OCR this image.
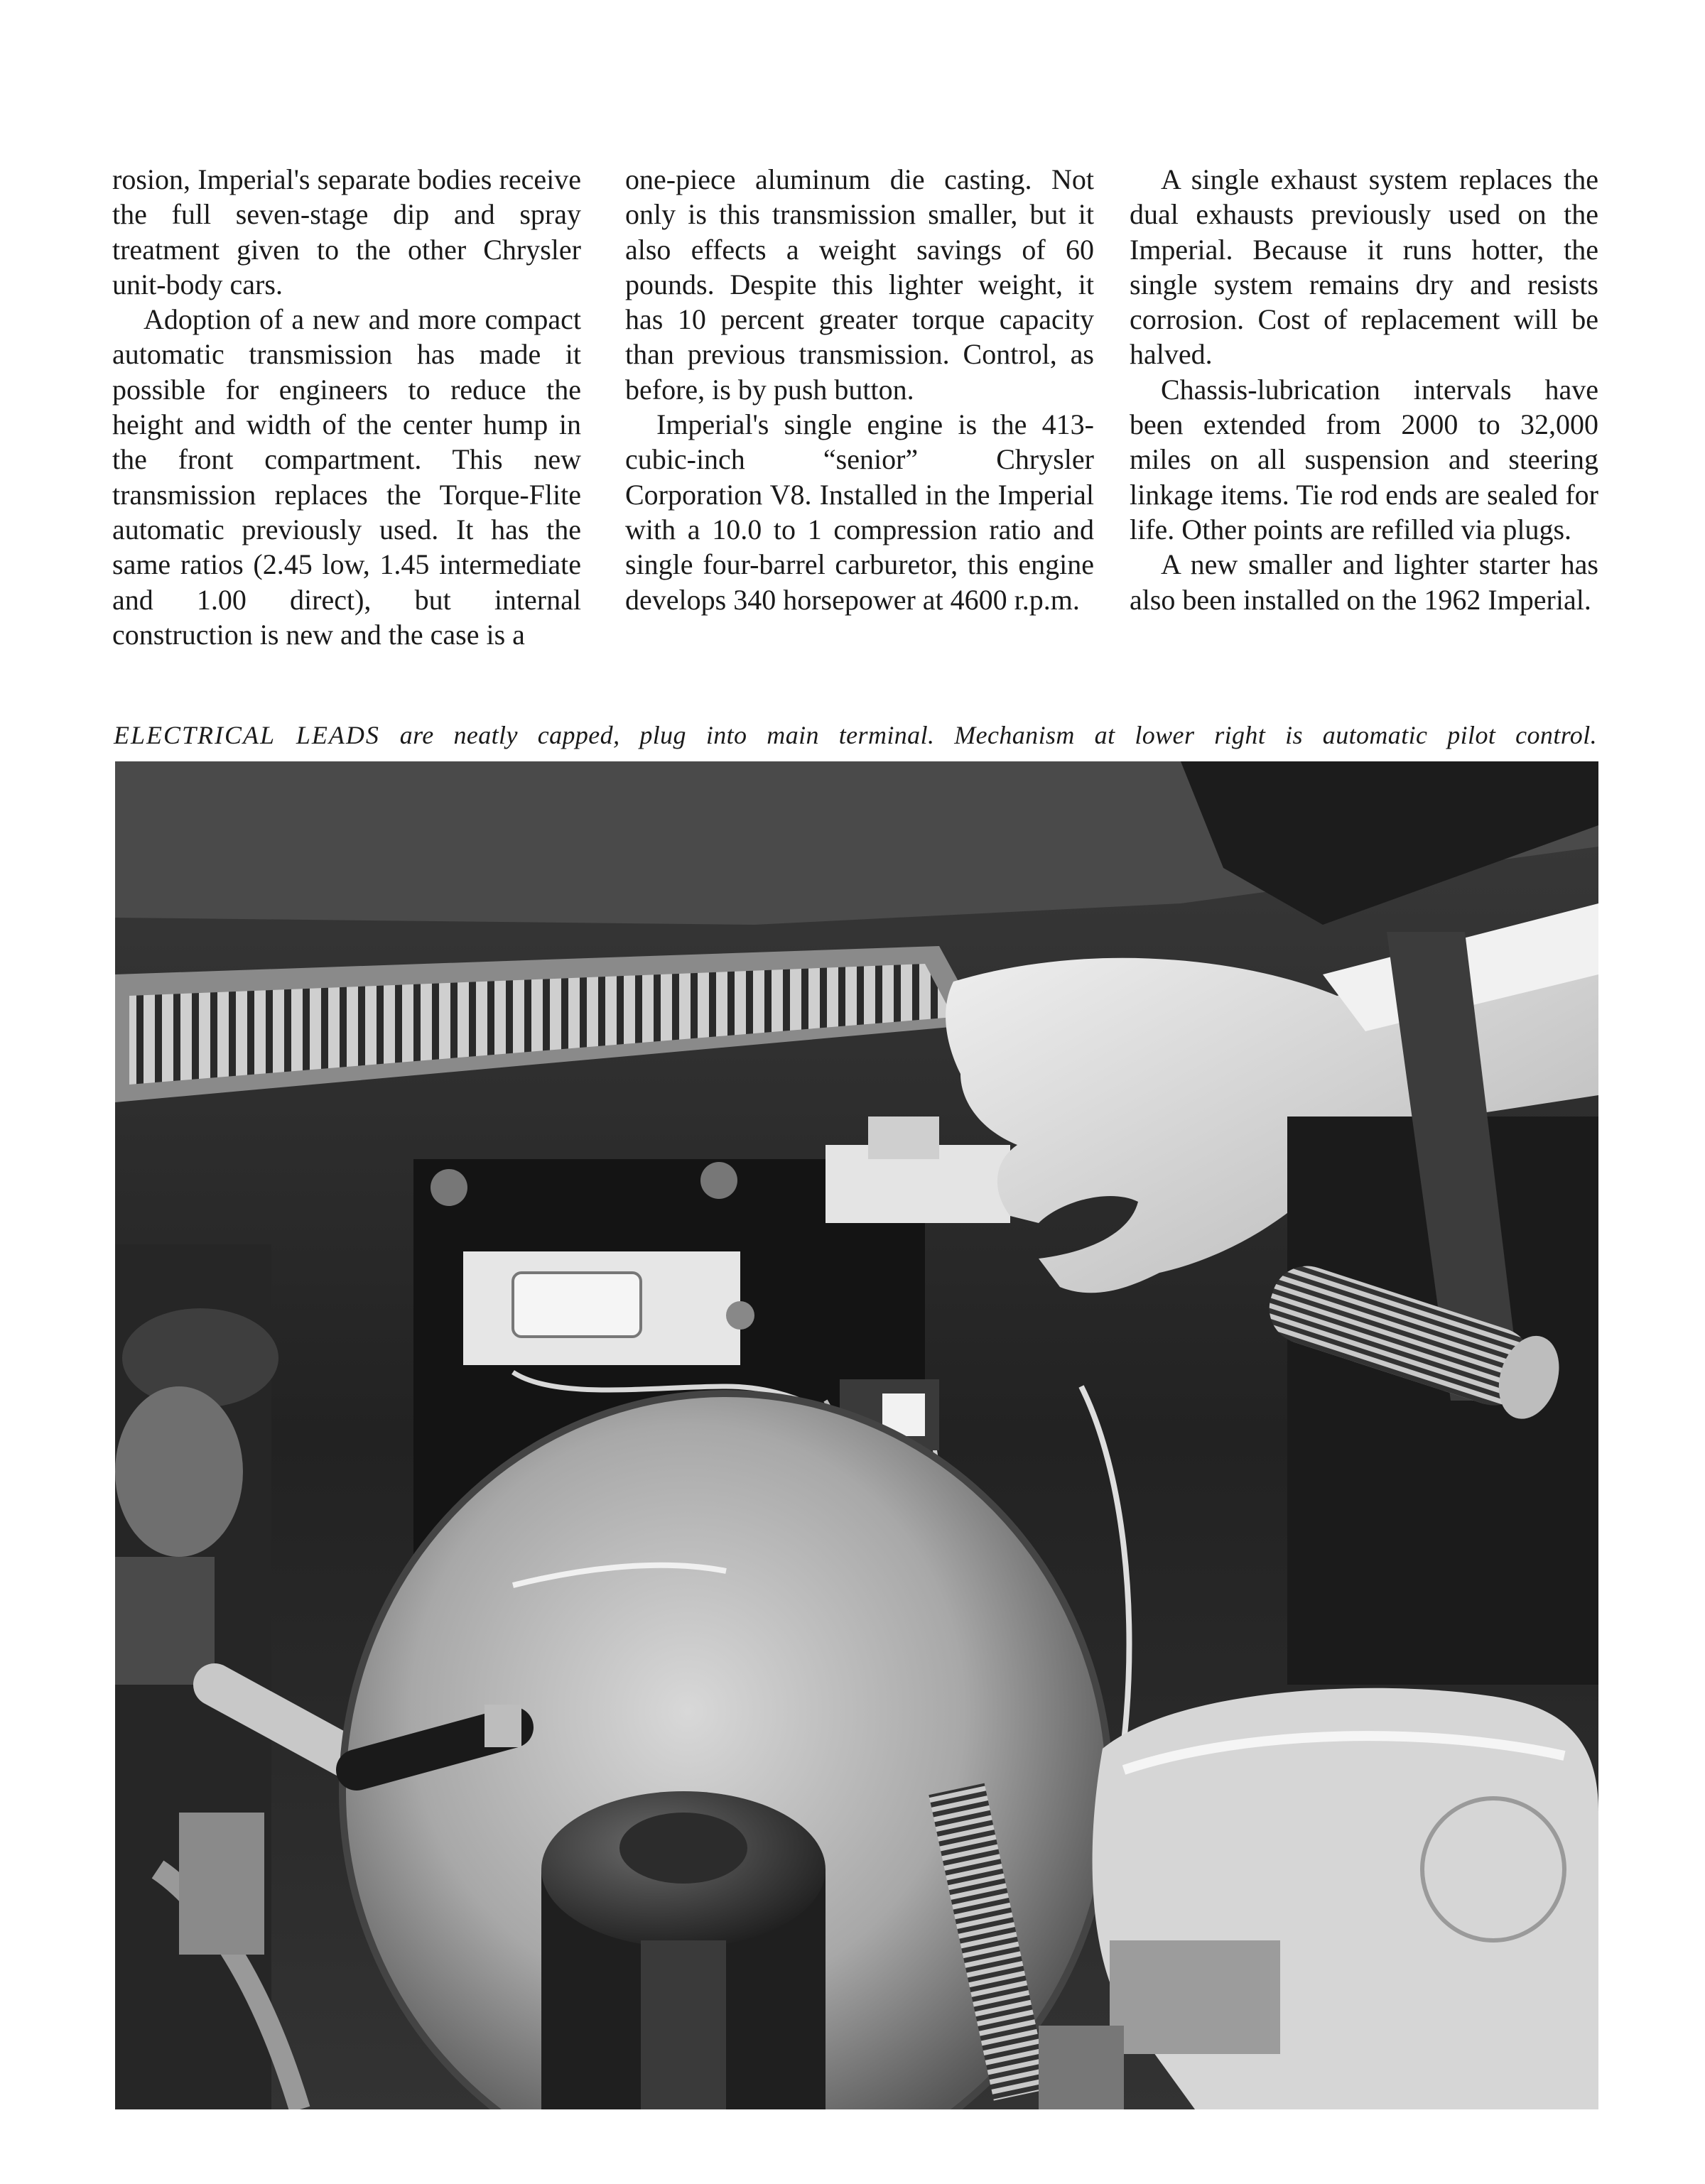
rosion, Imperial's separate bodies receive the full seven-stage dip and spray treatment given to the other Chrysler unit-body cars.

Adoption of a new and more compact automatic transmission has made it possible for engineers to reduce the height and width of the center hump in the front compartment. This new transmission replaces the Torque-Flite automatic previously used. It has the same ratios (2.45 low, 1.45 intermediate and 1.00 direct), but internal construction is new and the case is a

one-piece aluminum die casting. Not only is this transmission smaller, but it also effects a weight savings of 60 pounds. Despite this lighter weight, it has 10 percent greater torque capacity than previous transmission. Control, as before, is by push button.

Imperial's single engine is the 413-cubic-inch “senior” Chrysler Corporation V8. Installed in the Imperial with a 10.0 to 1 compression ratio and single four-barrel carburetor, this engine develops 340 horsepower at 4600 r.p.m.

A single exhaust system replaces the dual exhausts previously used on the Imperial. Because it runs hotter, the single system remains dry and resists corrosion. Cost of replacement will be halved.

Chassis-lubrication intervals have been extended from 2000 to 32,000 miles on all suspension and steering linkage items. Tie rod ends are sealed for life. Other points are refilled via plugs.

A new smaller and lighter starter has also been installed on the 1962 Imperial.

ELECTRICAL LEADS are neatly capped, plug into main terminal. Mechanism at lower right is automatic pilot control.
